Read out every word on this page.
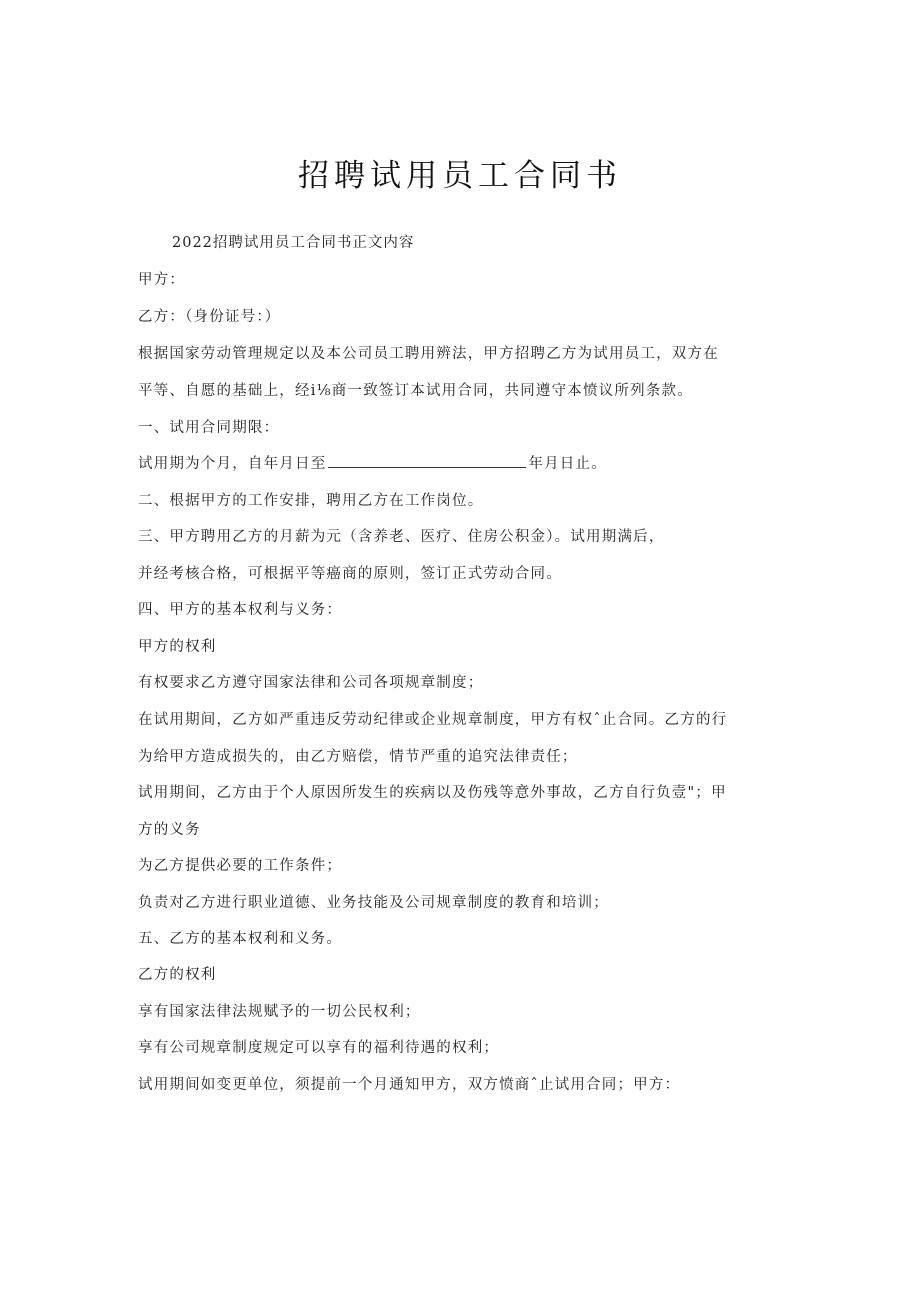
招聘试用员工合同书
2022招聘试用员工合同书正文内容
甲方：
乙方：（身份证号：）
根据国家劳动管理规定以及本公司员工聘用辨法，甲方招聘乙方为试用员工，双方在
平等、自愿的基础上，经i⅛商一致签订本试用合同，共同遵守本愤议所列条款。
一、试用合同期限：
试用期为个月，自年月日至	年月日止。
二、根据甲方的工作安排，聘用乙方在工作岗位。
三、甲方聘用乙方的月薪为元（含养老、医疗、住房公积金）。试用期满后，
并经考核合格，可根据平等癌商的原则，签订正式劳动合同。
四、甲方的基本权利与义务：
甲方的权利
有权要求乙方遵守国家法律和公司各项规章制度；
在试用期间，乙方如严重违反劳动纪律或企业规章制度，甲方有权ˆ止合同。乙方的行
为给甲方造成损失的，由乙方赔偿，情节严重的追究法律责任；
试用期间，乙方由于个人原因所发生的疾病以及伤残等意外事故，乙方自行负壹"；甲
方的义务
为乙方提供必要的工作条件；
负责对乙方进行职业道德、业务技能及公司规章制度的教育和培训；
五、乙方的基本权利和义务。
乙方的权利
享有国家法律法规赋予的一切公民权利；
享有公司规章制度规定可以享有的福利待遇的权利；
试用期间如变更单位，须提前一个月通知甲方，双方愤商ˆ止试用合同；甲方：
